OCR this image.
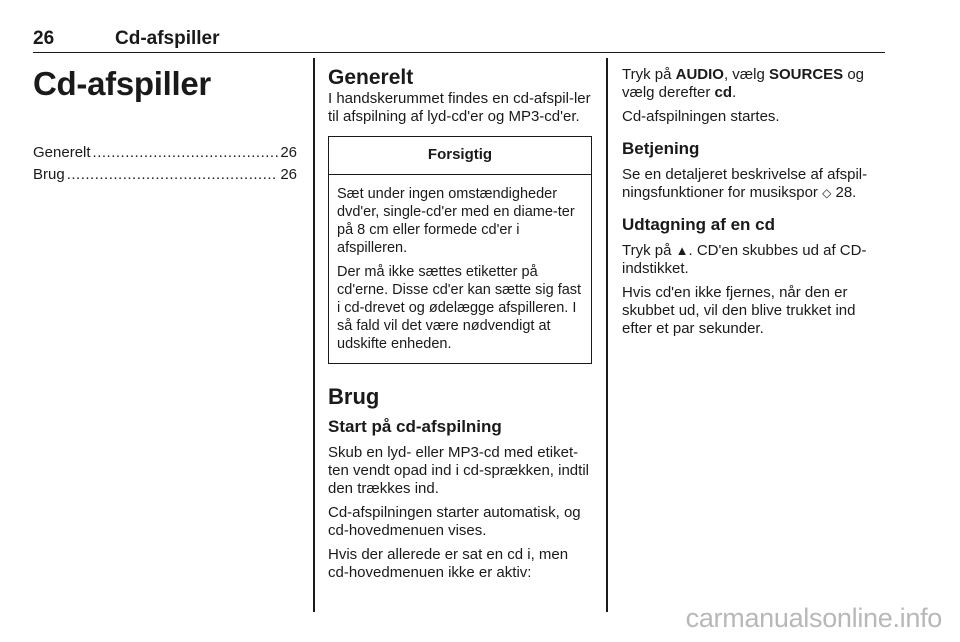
26	Cd-afspiller
Cd-afspiller
Generelt .....	26
Brug .....	26
Generelt

I handskerummet findes en cd-afspil-ler til afspilning af lyd-cd'er og MP3-cd'er.

Forsigtig

Sæt under ingen omstændigheder dvd'er, single-cd'er med en diame-ter på 8 cm eller formede cd'er i afspilleren.

Der må ikke sættes etiketter på cd'erne. Disse cd'er kan sætte sig fast i cd-drevet og ødelægge afspilleren. I så fald vil det være nødvendigt at udskifte enheden.

Brug
Start på cd-afspilning

Skub en lyd- eller MP3-cd med etiket-ten vendt opad ind i cd-sprækken, indtil den trækkes ind.

Cd-afspilningen starter automatisk, og cd-hovedmenuen vises.

Hvis der allerede er sat en cd i, men cd-hovedmenuen ikke er aktiv:

Tryk på AUDIO, vælg SOURCES og vælg derefter cd.

Cd-afspilningen startes.

Betjening

Se en detaljeret beskrivelse af afspil-ningsfunktioner for musikspor ◇ 28.

Udtagning af en cd

Tryk på ▲. CD'en skubbes ud af CD-indstikket.

Hvis cd'en ikke fjernes, når den er skubbet ud, vil den blive trukket ind efter et par sekunder.

carmanualsonline.info
